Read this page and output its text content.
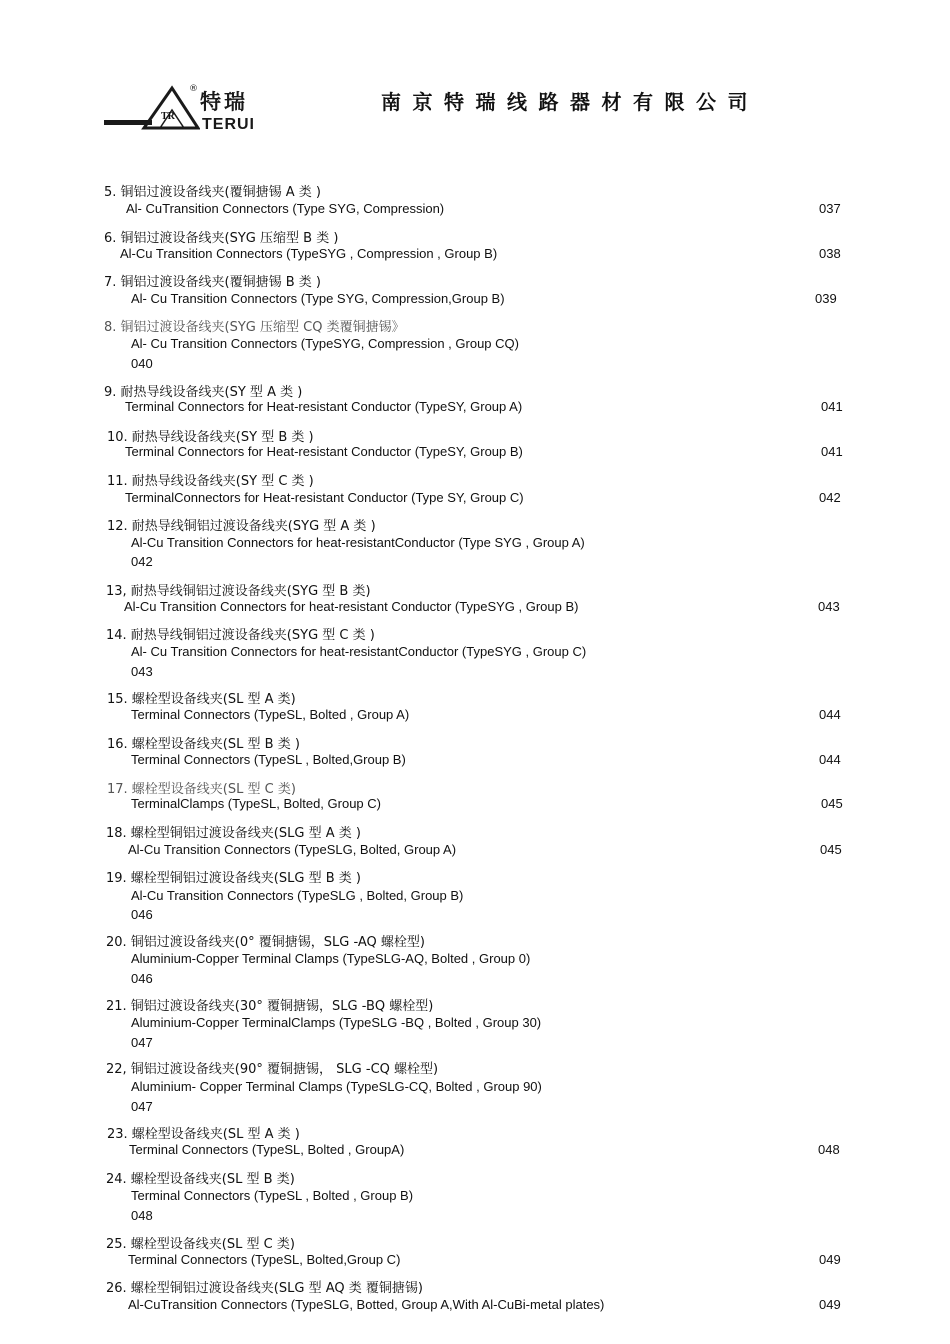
TR
®
特瑞
TERUI
南京特瑞线路器材有限公司
5. 铜铝过渡设备线夹(覆铜搪锡 A 类 )
Al- CuTransition Connectors (Type SYG, Compression)	037
6. 铜铝过渡设备线夹(SYG 压缩型 B 类 )
Al-Cu Transition Connectors (TypeSYG , Compression , Group B)	038
7. 铜铝过渡设备线夹(覆铜搪锡 B 类 )
Al- Cu Transition Connectors (Type SYG, Compression,Group B)	039
8. 铜铝过渡设备线夹(SYG 压缩型 CQ 类覆铜搪锡》
Al- Cu Transition Connectors (TypeSYG, Compression , Group CQ)
040
9. 耐热导线设备线夹(SY 型 A 类 )
Terminal Connectors for Heat-resistant Conductor (TypeSY, Group A)	041
10. 耐热导线设备线夹(SY 型 B 类 )
Terminal Connectors for Heat-resistant Conductor (TypeSY, Group B)	041
11. 耐热导线设备线夹(SY 型 C 类 )
TerminalConnectors for Heat-resistant Conductor (Type SY, Group C)	042
12. 耐热导线铜铝过渡设备线夹(SYG 型 A 类 )
Al-Cu Transition Connectors for heat-resistantConductor (Type SYG , Group A)
042
13, 耐热导线铜铝过渡设备线夹(SYG 型 B 类)
Al-Cu Transition Connectors for heat-resistant Conductor (TypeSYG , Group B)	043
14. 耐热导线铜铝过渡设备线夹(SYG 型 C 类 )
Al- Cu Transition Connectors for heat-resistantConductor (TypeSYG , Group C)
043
15. 螺栓型设备线夹(SL 型 A 类)
Terminal Connectors (TypeSL, Bolted , Group A)	044
16. 螺栓型设备线夹(SL 型 B 类 )
Terminal Connectors (TypeSL , Bolted,Group B)	044
17. 螺栓型设备线夹(SL 型 C 类)
TerminalClamps (TypeSL, Bolted, Group C)	045
18. 螺栓型铜铝过渡设备线夹(SLG 型 A 类 )
Al-Cu Transition Connectors (TypeSLG, Bolted, Group A)	045
19. 螺栓型铜铝过渡设备线夹(SLG 型 B 类 )
Al-Cu Transition Connectors (TypeSLG , Bolted, Group B)
046
20. 铜铝过渡设备线夹(0° 覆铜搪锡，SLG -AQ 螺栓型)
Aluminium-Copper Terminal Clamps (TypeSLG-AQ, Bolted , Group 0)
046
21. 铜铝过渡设备线夹(30° 覆铜搪锡，SLG -BQ 螺栓型)
Aluminium-Copper TerminalClamps (TypeSLG -BQ , Bolted , Group 30)
047
22, 铜铝过渡设备线夹(90° 覆铜搪锡， SLG -CQ 螺栓型)
Aluminium- Copper Terminal Clamps (TypeSLG-CQ, Bolted , Group 90)
047
23. 螺栓型设备线夹(SL 型 A 类 )
Terminal Connectors (TypeSL, Bolted , GroupA)	048
24. 螺栓型设备线夹(SL 型 B 类)
Terminal Connectors (TypeSL , Bolted , Group B)
048
25. 螺栓型设备线夹(SL 型 C 类)
Terminal Connectors (TypeSL, Bolted,Group C)	049
26. 螺栓型铜铝过渡设备线夹(SLG 型 AQ 类 覆铜搪锡)
Al-CuTransition Connectors (TypeSLG, Botted, Group A,With Al-CuBi-metal plates)	049
